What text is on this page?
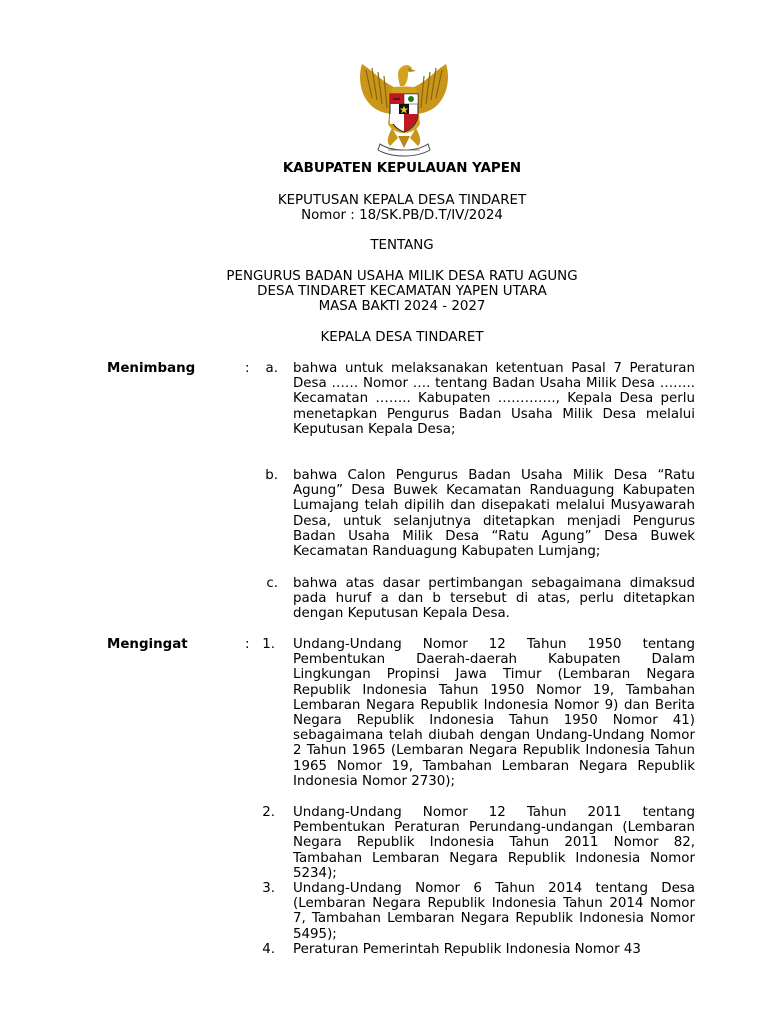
KABUPATEN KEPULAUAN YAPEN
KEPUTUSAN KEPALA DESA TINDARET
Nomor : 18/SK.PB/D.T/IV/2024
TENTANG
PENGURUS BADAN USAHA MILIK DESA RATU AGUNG
DESA TINDARET KECAMATAN YAPEN UTARA
MASA BAKTI 2024 - 2027
KEPALA DESA TINDARET
Menimbang	:	a. bahwa untuk melaksanakan ketentuan Pasal 7 Peraturan Desa …… Nomor …. tentang Badan Usaha Milik Desa …….. Kecamatan …….. Kabupaten …………., Kepala Desa perlu menetapkan Pengurus Badan Usaha Milik Desa melalui Keputusan Kepala Desa;
b. bahwa Calon Pengurus Badan Usaha Milik Desa “Ratu Agung” Desa Buwek Kecamatan Randuagung Kabupaten Lumajang telah dipilih dan disepakati melalui Musyawarah Desa, untuk selanjutnya ditetapkan menjadi Pengurus Badan Usaha Milik Desa “Ratu Agung” Desa Buwek Kecamatan Randuagung Kabupaten Lumjang;
c. bahwa atas dasar pertimbangan sebagaimana dimaksud pada huruf a dan b tersebut di atas, perlu ditetapkan dengan Keputusan Kepala Desa.
Mengingat	: 1. Undang-Undang Nomor 12 Tahun 1950 tentang Pembentukan Daerah-daerah Kabupaten Dalam Lingkungan Propinsi Jawa Timur (Lembaran Negara Republik Indonesia Tahun 1950 Nomor 19, Tambahan Lembaran Negara Republik Indonesia Nomor 9) dan Berita Negara Republik Indonesia Tahun 1950 Nomor 41) sebagaimana telah diubah dengan Undang-Undang Nomor 2 Tahun 1965 (Lembaran Negara Republik Indonesia Tahun 1965 Nomor 19, Tambahan Lembaran Negara Republik Indonesia Nomor 2730);
2. Undang-Undang Nomor 12 Tahun 2011 tentang Pembentukan Peraturan Perundang-undangan (Lembaran Negara Republik Indonesia Tahun 2011 Nomor 82, Tambahan Lembaran Negara Republik Indonesia Nomor 5234);
3. Undang-Undang Nomor 6 Tahun 2014 tentang Desa (Lembaran Negara Republik Indonesia Tahun 2014 Nomor 7, Tambahan Lembaran Negara Republik Indonesia Nomor 5495);
4. Peraturan Pemerintah Republik Indonesia Nomor 43
